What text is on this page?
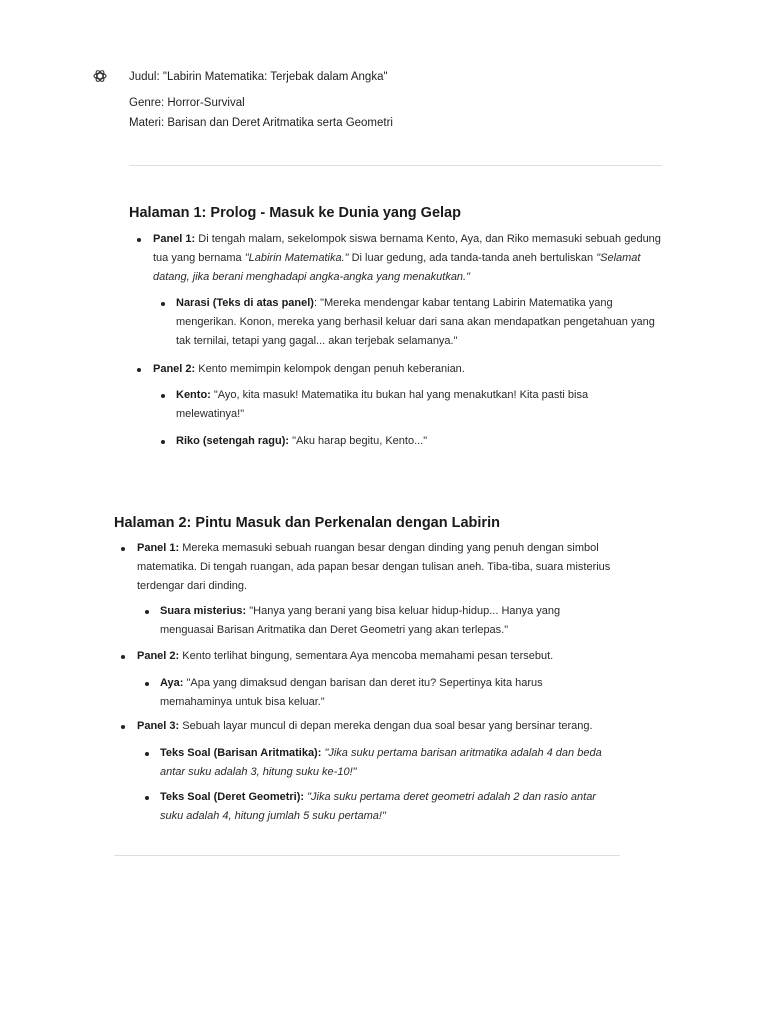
Judul: "Labirin Matematika: Terjebak dalam Angka"
Genre: Horror-Survival
Materi: Barisan dan Deret Aritmatika serta Geometri
Halaman 1: Prolog - Masuk ke Dunia yang Gelap
Panel 1: Di tengah malam, sekelompok siswa bernama Kento, Aya, dan Riko memasuki sebuah gedung tua yang bernama "Labirin Matematika." Di luar gedung, ada tanda-tanda aneh bertuliskan "Selamat datang, jika berani menghadapi angka-angka yang menakutkan."
Narasi (Teks di atas panel): "Mereka mendengar kabar tentang Labirin Matematika yang mengerikan. Konon, mereka yang berhasil keluar dari sana akan mendapatkan pengetahuan yang tak ternilai, tetapi yang gagal... akan terjebak selamanya."
Panel 2: Kento memimpin kelompok dengan penuh keberanian.
Kento: "Ayo, kita masuk! Matematika itu bukan hal yang menakutkan! Kita pasti bisa melewatinya!"
Riko (setengah ragu): "Aku harap begitu, Kento..."
Halaman 2: Pintu Masuk dan Perkenalan dengan Labirin
Panel 1: Mereka memasuki sebuah ruangan besar dengan dinding yang penuh dengan simbol matematika. Di tengah ruangan, ada papan besar dengan tulisan aneh. Tiba-tiba, suara misterius terdengar dari dinding.
Suara misterius: "Hanya yang berani yang bisa keluar hidup-hidup... Hanya yang menguasai Barisan Aritmatika dan Deret Geometri yang akan terlepas."
Panel 2: Kento terlihat bingung, sementara Aya mencoba memahami pesan tersebut.
Aya: "Apa yang dimaksud dengan barisan dan deret itu? Sepertinya kita harus memahaminya untuk bisa keluar."
Panel 3: Sebuah layar muncul di depan mereka dengan dua soal besar yang bersinar terang.
Teks Soal (Barisan Aritmatika): "Jika suku pertama barisan aritmatika adalah 4 dan beda antar suku adalah 3, hitung suku ke-10!"
Teks Soal (Deret Geometri): "Jika suku pertama deret geometri adalah 2 dan rasio antar suku adalah 4, hitung jumlah 5 suku pertama!"
